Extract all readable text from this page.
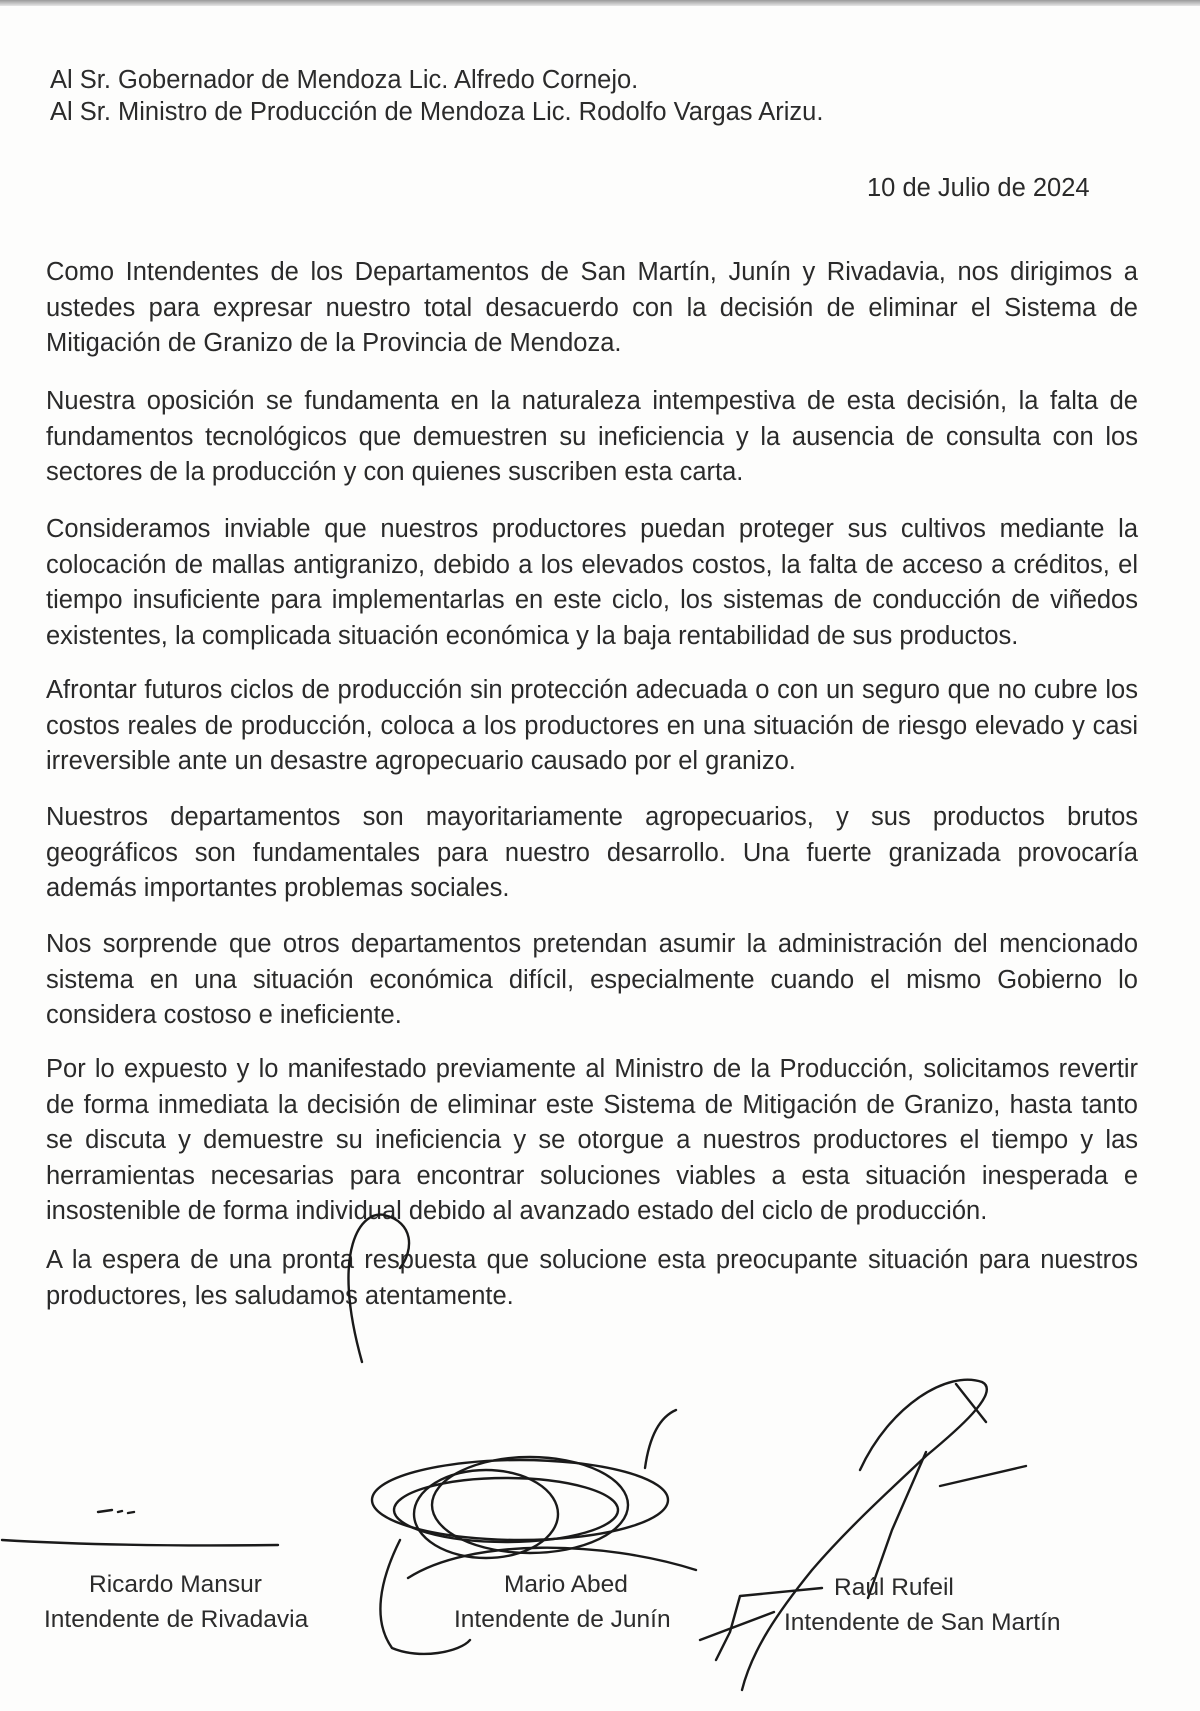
Al Sr. Gobernador de Mendoza Lic. Alfredo Cornejo.
Al Sr. Ministro de Producción de Mendoza Lic. Rodolfo Vargas Arizu.
10 de Julio de 2024
Como Intendentes de los Departamentos de San Martín, Junín y Rivadavia, nos dirigimos a ustedes para expresar nuestro total desacuerdo con la decisión de eliminar el Sistema de Mitigación de Granizo de la Provincia de Mendoza.
Nuestra oposición se fundamenta en la naturaleza intempestiva de esta decisión, la falta de fundamentos tecnológicos que demuestren su ineficiencia y la ausencia de consulta con los sectores de la producción y con quienes suscriben esta carta.
Consideramos inviable que nuestros productores puedan proteger sus cultivos mediante la colocación de mallas antigranizo, debido a los elevados costos, la falta de acceso a créditos, el tiempo insuficiente para implementarlas en este ciclo, los sistemas de conducción de viñedos existentes, la complicada situación económica y la baja rentabilidad de sus productos.
Afrontar futuros ciclos de producción sin protección adecuada o con un seguro que no cubre los costos reales de producción, coloca a los productores en una situación de riesgo elevado y casi irreversible ante un desastre agropecuario causado por el granizo.
Nuestros departamentos son mayoritariamente agropecuarios, y sus productos brutos geográficos son fundamentales para nuestro desarrollo. Una fuerte granizada provocaría además importantes problemas sociales.
Nos sorprende que otros departamentos pretendan asumir la administración del mencionado sistema en una situación económica difícil, especialmente cuando el mismo Gobierno lo considera costoso e ineficiente.
Por lo expuesto y lo manifestado previamente al Ministro de la Producción, solicitamos revertir de forma inmediata la decisión de eliminar este Sistema de Mitigación de Granizo, hasta tanto se discuta y demuestre su ineficiencia y se otorgue a nuestros productores el tiempo y las herramientas necesarias para encontrar soluciones viables a esta situación inesperada e insostenible de forma individual debido al avanzado estado del ciclo de producción.
A la espera de una pronta respuesta que solucione esta preocupante situación para nuestros productores, les saludamos atentamente.
Ricardo Mansur
Intendente de Rivadavia
Mario Abed
Intendente de Junín
Raúl Rufeil
Intendente de San Martín
